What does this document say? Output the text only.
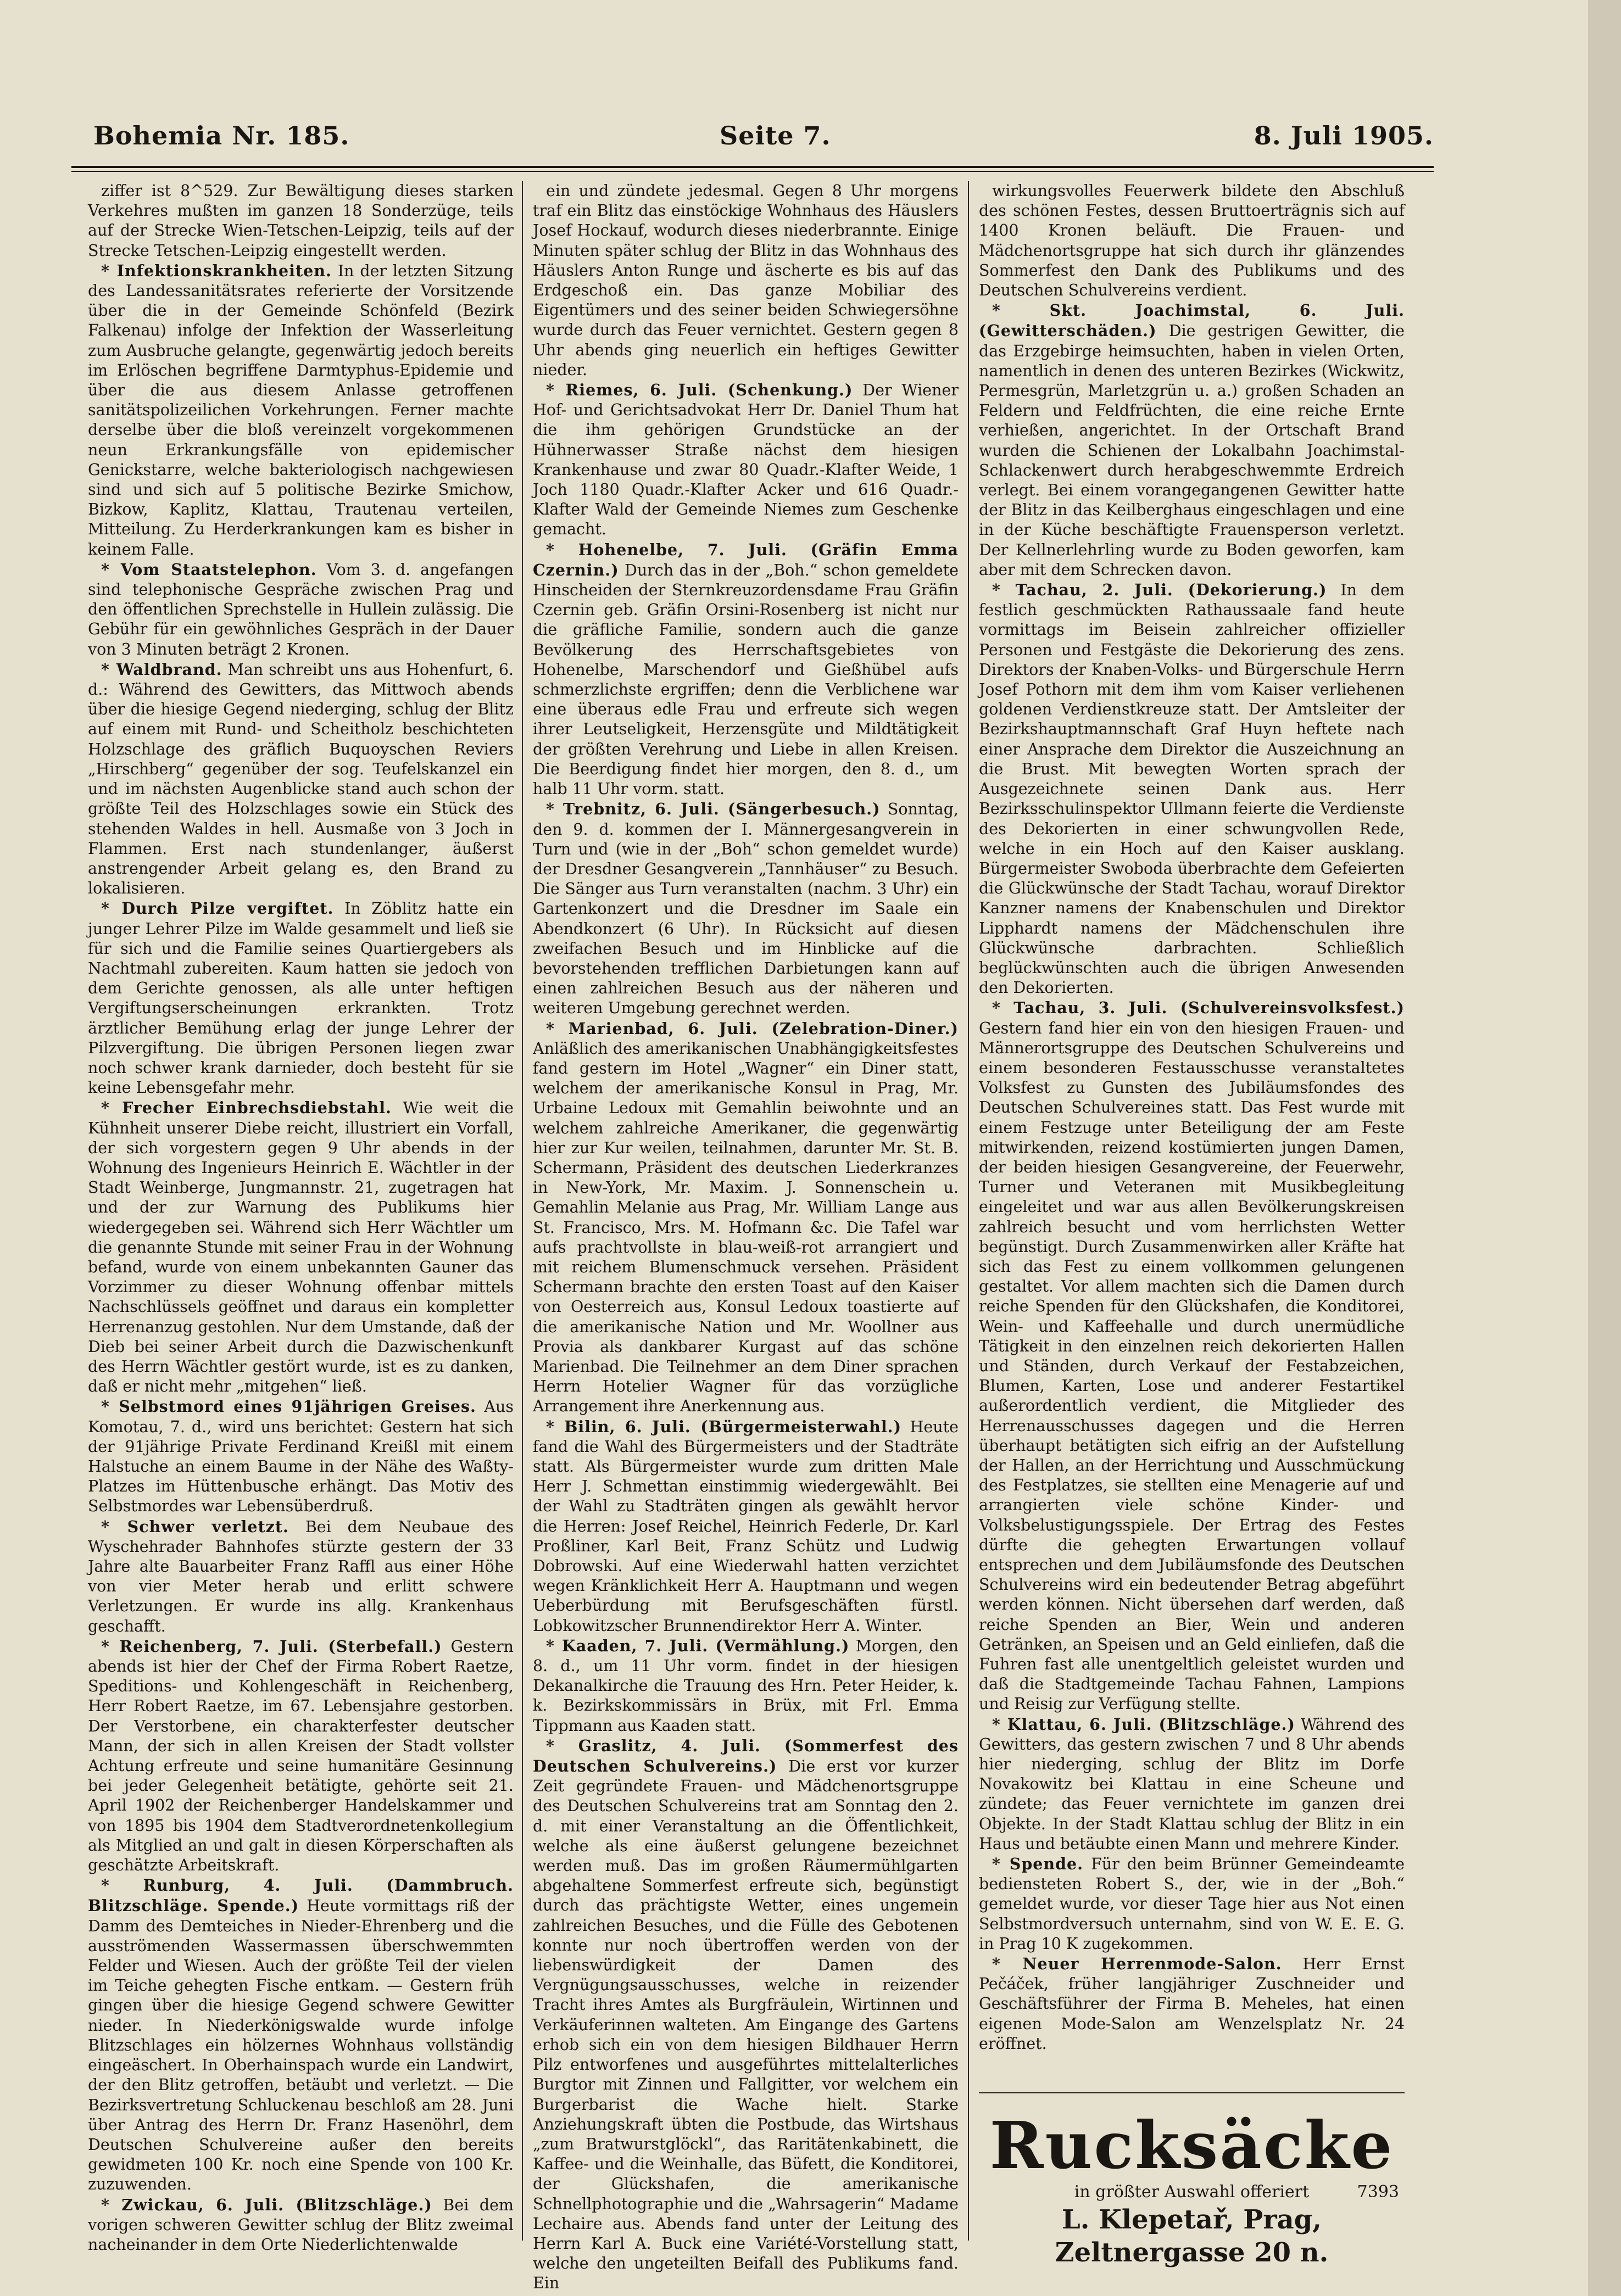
Bohemia Nr. 185.	Seite 7.	8. Juli 1905.

ziffer ist 8^529. Zur Bewältigung dieses starken Verkehres mußten im ganzen 18 Sonderzüge, teils auf der Strecke Wien-Tetschen-Leipzig, teils auf der Strecke Tetschen-Leipzig eingestellt werden.

* Infektionskrankheiten. In der letzten Sitzung des Landessanitätsrates referierte der Vorsitzende über die in der Gemeinde Schönfeld (Bezirk Falkenau) infolge der Infektion der Wasserleitung zum Ausbruche gelangte, gegenwärtig jedoch bereits im Erlöschen begriffene Darmtyphus-Epidemie und über die aus diesem Anlasse getroffenen sanitätspolizeilichen Vorkehrungen. Ferner machte derselbe über die bloß vereinzelt vorgekommenen neun Erkrankungsfälle von epidemischer Genickstarre, welche bakteriologisch nachgewiesen sind und sich auf 5 politische Bezirke Smichow, Bizkow, Kaplitz, Klattau, Trautenau verteilen, Mitteilung. Zu Herderkrankungen kam es bisher in keinem Falle.

* Vom Staatstelephon. Vom 3. d. angefangen sind telephonische Gespräche zwischen Prag und den öffentlichen Sprechstelle in Hullein zulässig. Die Gebühr für ein gewöhnliches Gespräch in der Dauer von 3 Minuten beträgt 2 Kronen.

* Waldbrand. Man schreibt uns aus Hohenfurt, 6. d.: Während des Gewitters, das Mittwoch abends über die hiesige Gegend niederging, schlug der Blitz auf einem mit Rund- und Scheitholz beschichteten Holzschlage des gräflich Buquoyschen Reviers „Hirschberg“ gegenüber der sog. Teufelskanzel ein und im nächsten Augenblicke stand auch schon der größte Teil des Holzschlages sowie ein Stück des stehenden Waldes in hell. Ausmaße von 3 Joch in Flammen. Erst nach stundenlanger, äußerst anstrengender Arbeit gelang es, den Brand zu lokalisieren.

* Durch Pilze vergiftet. In Zöblitz hatte ein junger Lehrer Pilze im Walde gesammelt und ließ sie für sich und die Familie seines Quartiergebers als Nachtmahl zubereiten. Kaum hatten sie jedoch von dem Gerichte genossen, als alle unter heftigen Vergiftungserscheinungen erkrankten. Trotz ärztlicher Bemühung erlag der junge Lehrer der Pilzvergiftung. Die übrigen Personen liegen zwar noch schwer krank darnieder, doch besteht für sie keine Lebensgefahr mehr.

* Frecher Einbrechsdiebstahl. Wie weit die Kühnheit unserer Diebe reicht, illustriert ein Vorfall, der sich vorgestern gegen 9 Uhr abends in der Wohnung des Ingenieurs Heinrich E. Wächtler in der Stadt Weinberge, Jungmannstr. 21, zugetragen hat und der zur Warnung des Publikums hier wiedergegeben sei. Während sich Herr Wächtler um die genannte Stunde mit seiner Frau in der Wohnung befand, wurde von einem unbekannten Gauner das Vorzimmer zu dieser Wohnung offenbar mittels Nachschlüssels geöffnet und daraus ein kompletter Herrenanzug gestohlen. Nur dem Umstande, daß der Dieb bei seiner Arbeit durch die Dazwischenkunft des Herrn Wächtler gestört wurde, ist es zu danken, daß er nicht mehr „mitgehen“ ließ.

* Selbstmord eines 91jährigen Greises. Aus Komotau, 7. d., wird uns berichtet: Gestern hat sich der 91jährige Private Ferdinand Kreißl mit einem Halstuche an einem Baume in der Nähe des Waßty-Platzes im Hüttenbusche erhängt. Das Motiv des Selbstmordes war Lebensüberdruß.

* Schwer verletzt. Bei dem Neubaue des Wyschehrader Bahnhofes stürzte gestern der 33 Jahre alte Bauarbeiter Franz Raffl aus einer Höhe von vier Meter herab und erlitt schwere Verletzungen. Er wurde ins allg. Krankenhaus geschafft.

* Reichenberg, 7. Juli. (Sterbefall.) Gestern abends ist hier der Chef der Firma Robert Raetze, Speditions- und Kohlengeschäft in Reichenberg, Herr Robert Raetze, im 67. Lebensjahre gestorben. Der Verstorbene, ein charakterfester deutscher Mann, der sich in allen Kreisen der Stadt vollster Achtung erfreute und seine humanitäre Gesinnung bei jeder Gelegenheit betätigte, gehörte seit 21. April 1902 der Reichenberger Handelskammer und von 1895 bis 1904 dem Stadtverordnetenkollegium als Mitglied an und galt in diesen Körperschaften als geschätzte Arbeitskraft.

* Runburg, 4. Juli. (Dammbruch. Blitzschläge. Spende.) Heute vormittags riß der Damm des Demteiches in Nieder-Ehrenberg und die ausströmenden Wassermassen überschwemmten Felder und Wiesen. Auch der größte Teil der vielen im Teiche gehegten Fische entkam. — Gestern früh gingen über die hiesige Gegend schwere Gewitter nieder. In Niederkönigswalde wurde infolge Blitzschlages ein hölzernes Wohnhaus vollständig eingeäschert. In Oberhainspach wurde ein Landwirt, der den Blitz getroffen, betäubt und verletzt. — Die Bezirksvertretung Schluckenau beschloß am 28. Juni über Antrag des Herrn Dr. Franz Hasenöhrl, dem Deutschen Schulvereine außer den bereits gewidmeten 100 Kr. noch eine Spende von 100 Kr. zuzuwenden.

* Zwickau, 6. Juli. (Blitzschläge.) Bei dem vorigen schweren Gewitter schlug der Blitz zweimal nacheinander in dem Orte Niederlichtenwalde

ein und zündete jedesmal. Gegen 8 Uhr morgens traf ein Blitz das einstöckige Wohnhaus des Häuslers Josef Hockauf, wodurch dieses niederbrannte. Einige Minuten später schlug der Blitz in das Wohnhaus des Häuslers Anton Runge und äscherte es bis auf das Erdgeschoß ein. Das ganze Mobiliar des Eigentümers und des seiner beiden Schwiegersöhne wurde durch das Feuer vernichtet. Gestern gegen 8 Uhr abends ging neuerlich ein heftiges Gewitter nieder.

* Riemes, 6. Juli. (Schenkung.) Der Wiener Hof- und Gerichtsadvokat Herr Dr. Daniel Thum hat die ihm gehörigen Grundstücke an der Hühnerwasser Straße nächst dem hiesigen Krankenhause und zwar 80 Quadr.-Klafter Weide, 1 Joch 1180 Quadr.-Klafter Acker und 616 Quadr.-Klafter Wald der Gemeinde Niemes zum Geschenke gemacht.

* Hohenelbe, 7. Juli. (Gräfin Emma Czernin.) Durch das in der „Boh.“ schon gemeldete Hinscheiden der Sternkreuzordensdame Frau Gräfin Czernin geb. Gräfin Orsini-Rosenberg ist nicht nur die gräfliche Familie, sondern auch die ganze Bevölkerung des Herrschaftsgebietes von Hohenelbe, Marschendorf und Gießhübel aufs schmerzlichste ergriffen; denn die Verblichene war eine überaus edle Frau und erfreute sich wegen ihrer Leutseligkeit, Herzensgüte und Mildtätigkeit der größten Verehrung und Liebe in allen Kreisen. Die Beerdigung findet hier morgen, den 8. d., um halb 11 Uhr vorm. statt.

* Trebnitz, 6. Juli. (Sängerbesuch.) Sonntag, den 9. d. kommen der I. Männergesangverein in Turn und (wie in der „Boh“ schon gemeldet wurde) der Dresdner Gesangverein „Tannhäuser“ zu Besuch. Die Sänger aus Turn veranstalten (nachm. 3 Uhr) ein Gartenkonzert und die Dresdner im Saale ein Abendkonzert (6 Uhr). In Rücksicht auf diesen zweifachen Besuch und im Hinblicke auf die bevorstehenden trefflichen Darbietungen kann auf einen zahlreichen Besuch aus der näheren und weiteren Umgebung gerechnet werden.

* Marienbad, 6. Juli. (Zelebration-Diner.) Anläßlich des amerikanischen Unabhängigkeitsfestes fand gestern im Hotel „Wagner“ ein Diner statt, welchem der amerikanische Konsul in Prag, Mr. Urbaine Ledoux mit Gemahlin beiwohnte und an welchem zahlreiche Amerikaner, die gegenwärtig hier zur Kur weilen, teilnahmen, darunter Mr. St. B. Schermann, Präsident des deutschen Liederkranzes in New-York, Mr. Maxim. J. Sonnenschein u. Gemahlin Melanie aus Prag, Mr. William Lange aus St. Francisco, Mrs. M. Hofmann &c. Die Tafel war aufs prachtvollste in blau-weiß-rot arrangiert und mit reichem Blumenschmuck versehen. Präsident Schermann brachte den ersten Toast auf den Kaiser von Oesterreich aus, Konsul Ledoux toastierte auf die amerikanische Nation und Mr. Woollner aus Provia als dankbarer Kurgast auf das schöne Marienbad. Die Teilnehmer an dem Diner sprachen Herrn Hotelier Wagner für das vorzügliche Arrangement ihre Anerkennung aus.

* Bilin, 6. Juli. (Bürgermeisterwahl.) Heute fand die Wahl des Bürgermeisters und der Stadträte statt. Als Bürgermeister wurde zum dritten Male Herr J. Schmettan einstimmig wiedergewählt. Bei der Wahl zu Stadträten gingen als gewählt hervor die Herren: Josef Reichel, Heinrich Federle, Dr. Karl Proßliner, Karl Beit, Franz Schütz und Ludwig Dobrowski. Auf eine Wiederwahl hatten verzichtet wegen Kränklichkeit Herr A. Hauptmann und wegen Ueberbürdung mit Berufsgeschäften fürstl. Lobkowitzscher Brunnendirektor Herr A. Winter.

* Kaaden, 7. Juli. (Vermählung.) Morgen, den 8. d., um 11 Uhr vorm. findet in der hiesigen Dekanalkirche die Trauung des Hrn. Peter Heider, k. k. Bezirkskommissärs in Brüx, mit Frl. Emma Tippmann aus Kaaden statt.

* Graslitz, 4. Juli. (Sommerfest des Deutschen Schulvereins.) Die erst vor kurzer Zeit gegründete Frauen- und Mädchenortsgruppe des Deutschen Schulvereins trat am Sonntag den 2. d. mit einer Veranstaltung an die Öffentlichkeit, welche als eine äußerst gelungene bezeichnet werden muß. Das im großen Räumermühlgarten abgehaltene Sommerfest erfreute sich, begünstigt durch das prächtigste Wetter, eines ungemein zahlreichen Besuches, und die Fülle des Gebotenen konnte nur noch übertroffen werden von der liebenswürdigkeit der Damen des Vergnügungsausschusses, welche in reizender Tracht ihres Amtes als Burgfräulein, Wirtinnen und Verkäuferinnen walteten. Am Eingange des Gartens erhob sich ein von dem hiesigen Bildhauer Herrn Pilz entworfenes und ausgeführtes mittelalterliches Burgtor mit Zinnen und Fallgitter, vor welchem ein Burgerbarist die Wache hielt. Starke Anziehungskraft übten die Postbude, das Wirtshaus „zum Bratwurstglöckl“, das Raritätenkabinett, die Kaffee- und die Weinhalle, das Büfett, die Konditorei, der Glückshafen, die amerikanische Schnellphotographie und die „Wahrsagerin“ Madame Lechaire aus. Abends fand unter der Leitung des Herrn Karl A. Buck eine Variété-Vorstellung statt, welche den ungeteilten Beifall des Publikums fand. Ein

wirkungsvolles Feuerwerk bildete den Abschluß des schönen Festes, dessen Bruttoerträgnis sich auf 1400 Kronen beläuft. Die Frauen- und Mädchenortsgruppe hat sich durch ihr glänzendes Sommerfest den Dank des Publikums und des Deutschen Schulvereins verdient.

* Skt. Joachimstal, 6. Juli. (Gewitterschäden.) Die gestrigen Gewitter, die das Erzgebirge heimsuchten, haben in vielen Orten, namentlich in denen des unteren Bezirkes (Wickwitz, Permesgrün, Marletzgrün u. a.) großen Schaden an Feldern und Feldfrüchten, die eine reiche Ernte verhießen, angerichtet. In der Ortschaft Brand wurden die Schienen der Lokalbahn Joachimstal-Schlackenwert durch herabgeschwemmte Erdreich verlegt. Bei einem vorangegangenen Gewitter hatte der Blitz in das Keilberghaus eingeschlagen und eine in der Küche beschäftigte Frauensperson verletzt. Der Kellnerlehrling wurde zu Boden geworfen, kam aber mit dem Schrecken davon.

* Tachau, 2. Juli. (Dekorierung.) In dem festlich geschmückten Rathaussaale fand heute vormittags im Beisein zahlreicher offizieller Personen und Festgäste die Dekorierung des zens. Direktors der Knaben-Volks- und Bürgerschule Herrn Josef Pothorn mit dem ihm vom Kaiser verliehenen goldenen Verdienstkreuze statt. Der Amtsleiter der Bezirkshauptmannschaft Graf Huyn heftete nach einer Ansprache dem Direktor die Auszeichnung an die Brust. Mit bewegten Worten sprach der Ausgezeichnete seinen Dank aus. Herr Bezirksschulinspektor Ullmann feierte die Verdienste des Dekorierten in einer schwungvollen Rede, welche in ein Hoch auf den Kaiser ausklang. Bürgermeister Swoboda überbrachte dem Gefeierten die Glückwünsche der Stadt Tachau, worauf Direktor Kanzner namens der Knabenschulen und Direktor Lipphardt namens der Mädchenschulen ihre Glückwünsche darbrachten. Schließlich beglückwünschten auch die übrigen Anwesenden den Dekorierten.

* Tachau, 3. Juli. (Schulvereinsvolksfest.) Gestern fand hier ein von den hiesigen Frauen- und Männerortsgruppe des Deutschen Schulvereins und einem besonderen Festausschusse veranstaltetes Volksfest zu Gunsten des Jubiläumsfondes des Deutschen Schulvereines statt. Das Fest wurde mit einem Festzuge unter Beteiligung der am Feste mitwirkenden, reizend kostümierten jungen Damen, der beiden hiesigen Gesangvereine, der Feuerwehr, Turner und Veteranen mit Musikbegleitung eingeleitet und war aus allen Bevölkerungskreisen zahlreich besucht und vom herrlichsten Wetter begünstigt. Durch Zusammenwirken aller Kräfte hat sich das Fest zu einem vollkommen gelungenen gestaltet. Vor allem machten sich die Damen durch reiche Spenden für den Glückshafen, die Konditorei, Wein- und Kaffeehalle und durch unermüdliche Tätigkeit in den einzelnen reich dekorierten Hallen und Ständen, durch Verkauf der Festabzeichen, Blumen, Karten, Lose und anderer Festartikel außerordentlich verdient, die Mitglieder des Herrenausschusses dagegen und die Herren überhaupt betätigten sich eifrig an der Aufstellung der Hallen, an der Herrichtung und Ausschmückung des Festplatzes, sie stellten eine Menagerie auf und arrangierten viele schöne Kinder- und Volksbelustigungsspiele. Der Ertrag des Festes dürfte die gehegten Erwartungen vollauf entsprechen und dem Jubiläumsfonde des Deutschen Schulvereins wird ein bedeutender Betrag abgeführt werden können. Nicht übersehen darf werden, daß reiche Spenden an Bier, Wein und anderen Getränken, an Speisen und an Geld einliefen, daß die Fuhren fast alle unentgeltlich geleistet wurden und daß die Stadtgemeinde Tachau Fahnen, Lampions und Reisig zur Verfügung stellte.

* Klattau, 6. Juli. (Blitzschläge.) Während des Gewitters, das gestern zwischen 7 und 8 Uhr abends hier niederging, schlug der Blitz im Dorfe Novakowitz bei Klattau in eine Scheune und zündete; das Feuer vernichtete im ganzen drei Objekte. In der Stadt Klattau schlug der Blitz in ein Haus und betäubte einen Mann und mehrere Kinder.

* Spende. Für den beim Brünner Gemeindeamte bediensteten Robert S., der, wie in der „Boh.“ gemeldet wurde, vor dieser Tage hier aus Not einen Selbstmordversuch unternahm, sind von W. E. E. G. in Prag 10 K zugekommen.

* Neuer Herrenmode-Salon. Herr Ernst Pečáček, früher langjähriger Zuschneider und Geschäftsführer der Firma B. Meheles, hat einen eigenen Mode-Salon am Wenzelsplatz Nr. 24 eröffnet.

Rucksäcke
in größter Auswahl offeriert	7393
L. Klepetař, Prag, Zeltnergasse 20 n.
